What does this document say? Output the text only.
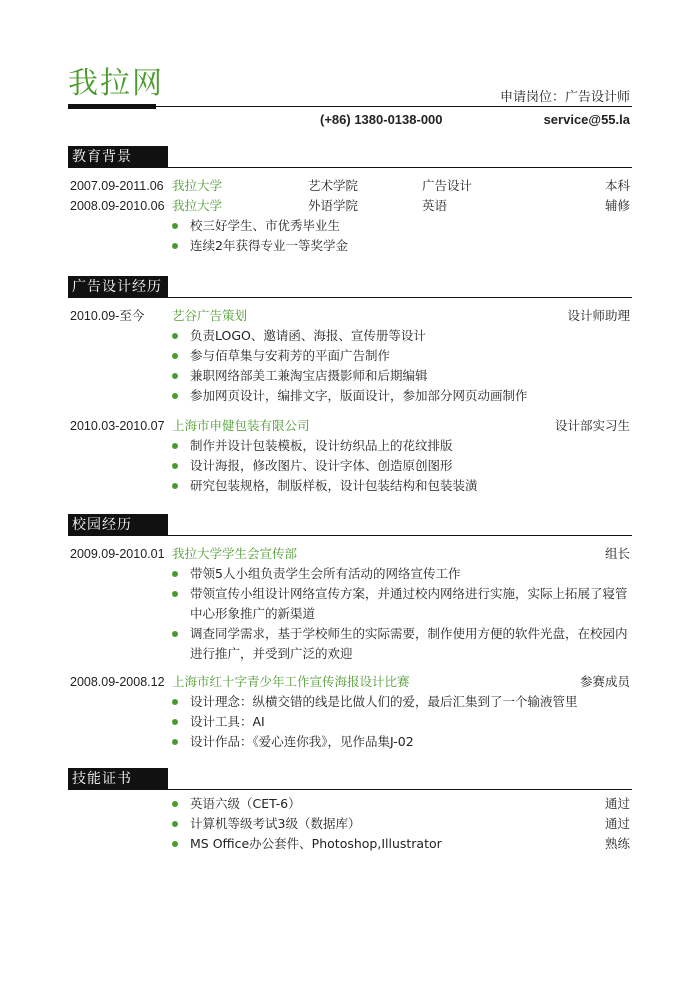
我拉网	申请岗位：广告设计师
(+86) 1380-0138-000	service@55.la
教育背景
2007.09-2011.06 我拉大学	艺术学院	广告设计	本科
2008.09-2010.06 我拉大学	外语学院	英语	辅修
校三好学生、市优秀毕业生
连续2年获得专业一等奖学金
广告设计经历
2010.09-至今 艺谷广告策划	设计师助理
负责LOGO、邀请函、海报、宣传册等设计
参与佰草集与安莉芳的平面广告制作
兼职网络部美工兼淘宝店摄影师和后期编辑
参加网页设计，编排文字，版面设计，参加部分网页动画制作
2010.03-2010.07 上海市申健包装有限公司	设计部实习生
制作并设计包装模板，设计纺织品上的花纹排版
设计海报，修改图片、设计字体、创造原创图形
研究包装规格，制版样板，设计包装结构和包装装潢
校园经历
2009.09-2010.01 我拉大学学生会宣传部	组长
带领5人小组负责学生会所有活动的网络宣传工作
带领宣传小组设计网络宣传方案，并通过校内网络进行实施，实际上拓展了寝管中心形象推广的新渠道
调查同学需求，基于学校师生的实际需要，制作使用方便的软件光盘，在校园内进行推广，并受到广泛的欢迎
2008.09-2008.12 上海市红十字青少年工作宣传海报设计比赛	参赛成员
设计理念：纵横交错的线是比做人们的爱，最后汇集到了一个输液管里
设计工具：AI
设计作品：《爱心连你我》，见作品集J-02
技能证书
英语六级（CET-6）	通过
计算机等级考试3级（数据库）	通过
MS Office办公套件、Photoshop,Illustrator	熟练
